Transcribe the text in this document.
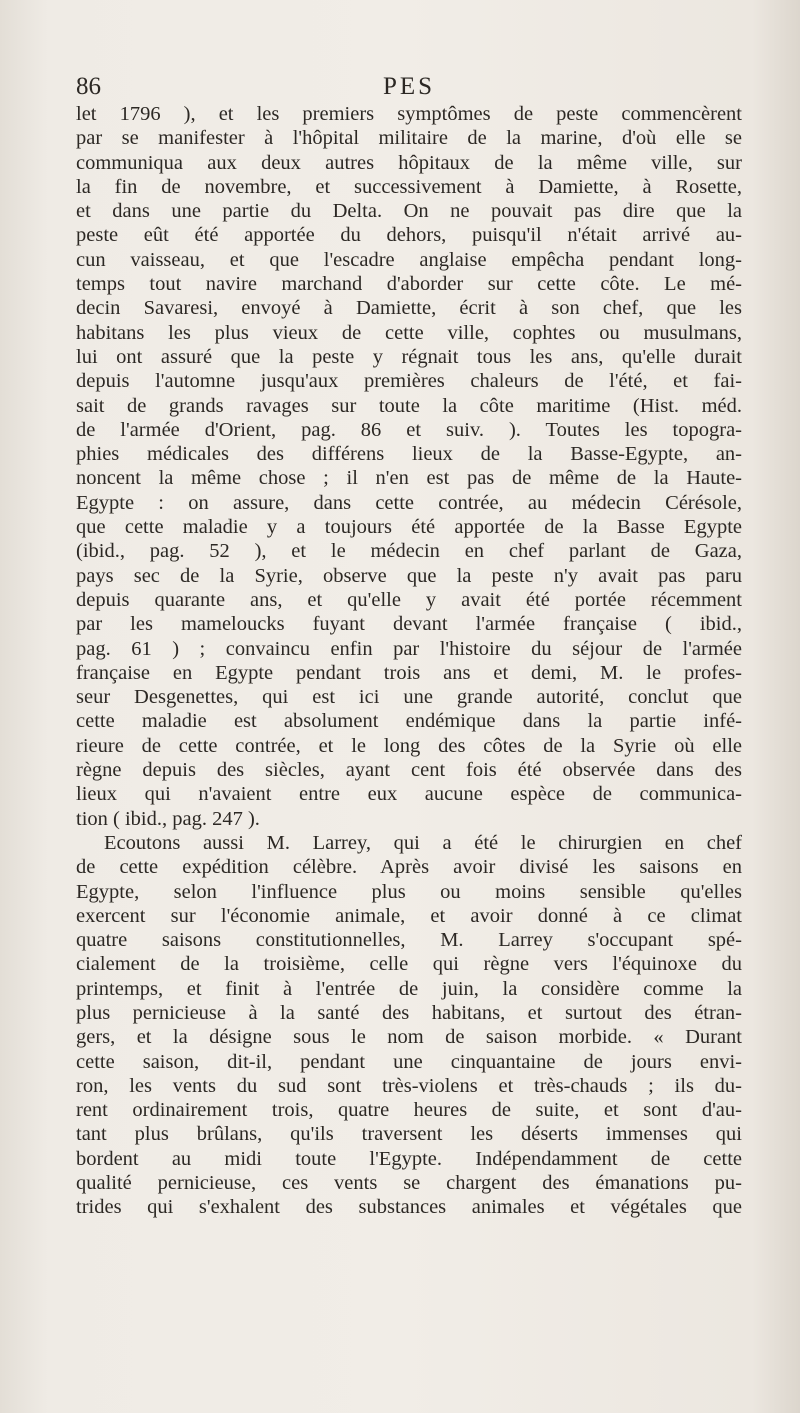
86	PES
let 1796 ), et les premiers symptômes de peste commencèrent
par se manifester à l'hôpital militaire de la marine, d'où elle se
communiqua aux deux autres hôpitaux de la même ville, sur
la fin de novembre, et successivement à Damiette, à Rosette,
et dans une partie du Delta. On ne pouvait pas dire que la
peste eût été apportée du dehors, puisqu'il n'était arrivé au-
cun vaisseau, et que l'escadre anglaise empêcha pendant long-
temps tout navire marchand d'aborder sur cette côte. Le mé-
decin Savaresi, envoyé à Damiette, écrit à son chef, que les
habitans les plus vieux de cette ville, cophtes ou musulmans,
lui ont assuré que la peste y régnait tous les ans, qu'elle durait
depuis l'automne jusqu'aux premières chaleurs de l'été, et fai-
sait de grands ravages sur toute la côte maritime (Hist. méd.
de l'armée d'Orient, pag. 86 et suiv. ). Toutes les topogra-
phies médicales des différens lieux de la Basse-Egypte, an-
noncent la même chose ; il n'en est pas de même de la Haute-
Egypte : on assure, dans cette contrée, au médecin Cérésole,
que cette maladie y a toujours été apportée de la Basse Egypte
(ibid., pag. 52 ), et le médecin en chef parlant de Gaza,
pays sec de la Syrie, observe que la peste n'y avait pas paru
depuis quarante ans, et qu'elle y avait été portée récemment
par les mameloucks fuyant devant l'armée française ( ibid.,
pag. 61 ) ; convaincu enfin par l'histoire du séjour de l'armée
française en Egypte pendant trois ans et demi, M. le profes-
seur Desgenettes, qui est ici une grande autorité, conclut que
cette maladie est absolument endémique dans la partie infé-
rieure de cette contrée, et le long des côtes de la Syrie où elle
règne depuis des siècles, ayant cent fois été observée dans des
lieux qui n'avaient entre eux aucune espèce de communica-
tion ( ibid., pag. 247 ).
Ecoutons aussi M. Larrey, qui a été le chirurgien en chef
de cette expédition célèbre. Après avoir divisé les saisons en
Egypte, selon l'influence plus ou moins sensible qu'elles
exercent sur l'économie animale, et avoir donné à ce climat
quatre saisons constitutionnelles, M. Larrey s'occupant spé-
cialement de la troisième, celle qui règne vers l'équinoxe du
printemps, et finit à l'entrée de juin, la considère comme la
plus pernicieuse à la santé des habitans, et surtout des étran-
gers, et la désigne sous le nom de saison morbide. « Durant
cette saison, dit-il, pendant une cinquantaine de jours envi-
ron, les vents du sud sont très-violens et très-chauds ; ils du-
rent ordinairement trois, quatre heures de suite, et sont d'au-
tant plus brûlans, qu'ils traversent les déserts immenses qui
bordent au midi toute l'Egypte. Indépendamment de cette
qualité pernicieuse, ces vents se chargent des émanations pu-
trides qui s'exhalent des substances animales et végétales que
